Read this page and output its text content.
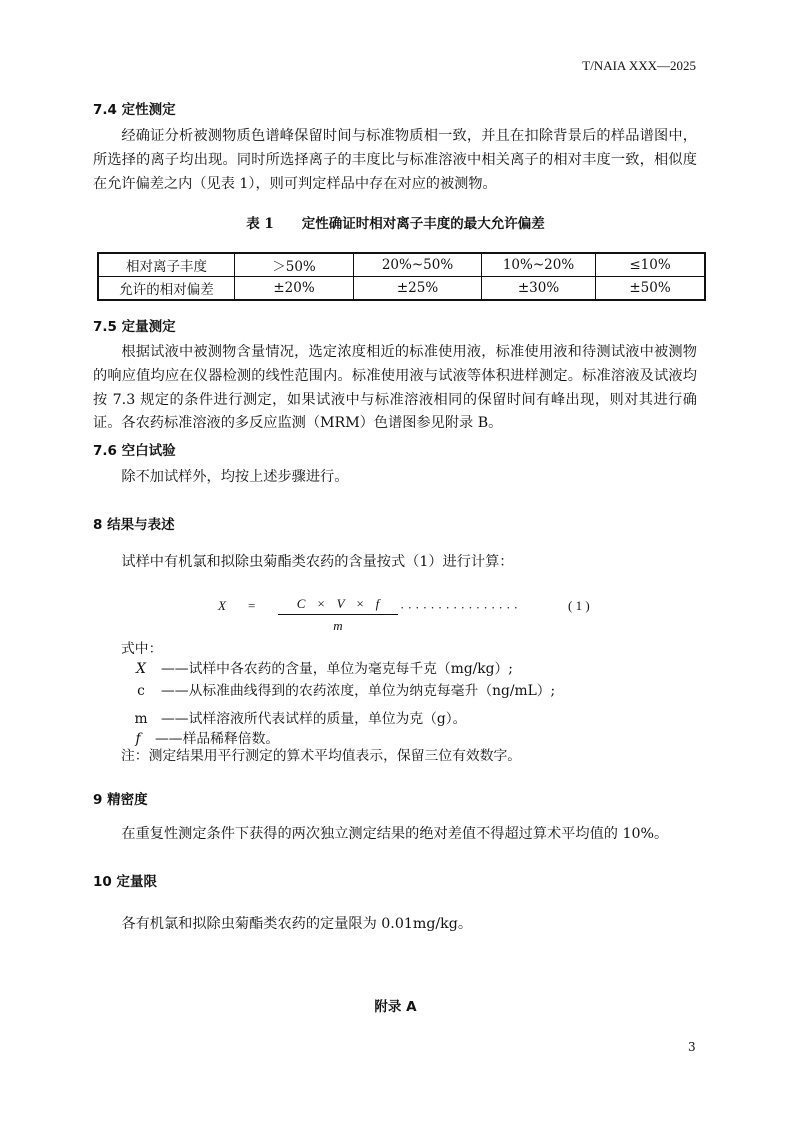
T/NAIA XXX—2025
7.4 定性测定
经确证分析被测物质色谱峰保留时间与标准物质相一致，并且在扣除背景后的样品谱图中，所选择的离子均出现。同时所选择离子的丰度比与标准溶液中相关离子的相对丰度一致，相似度在允许偏差之内（见表 1），则可判定样品中存在对应的被测物。
表 1 定性确证时相对离子丰度的最大允许偏差
相对离子丰度	＞50%	20%~50%	10%~20%	≤10%
允许的相对偏差	±20%	±25%	±30%	±50%
7.5 定量测定
根据试液中被测物含量情况，选定浓度相近的标准使用液，标准使用液和待测试液中被测物的响应值均应在仪器检测的线性范围内。标准使用液与试液等体积进样测定。标准溶液及试液均按 7.3 规定的条件进行测定，如果试液中与标准溶液相同的保留时间有峰出现，则对其进行确证。各农药标准溶液的多反应监测（MRM）色谱图参见附录 B。
7.6 空白试验
除不加试样外，均按上述步骤进行。
8 结果与表述
试样中有机氯和拟除虫菊酯类农药的含量按式（1）进行计算：
$X = \frac{C \times V \times f}{m}$ · · · · · · · · · · · · · · · ·	( 1 )
式中：
X ——试样中各农药的含量，单位为毫克每千克（mg/kg）;
c ——从标准曲线得到的农药浓度，单位为纳克每毫升（ng/mL）;
m ——试样溶液所代表试样的质量，单位为克（g）。
f ——样品稀释倍数。
注：测定结果用平行测定的算术平均值表示，保留三位有效数字。
9 精密度
在重复性测定条件下获得的两次独立测定结果的绝对差值不得超过算术平均值的 10%。
10 定量限
各有机氯和拟除虫菊酯类农药的定量限为 0.01mg/kg。
附录 A
3
